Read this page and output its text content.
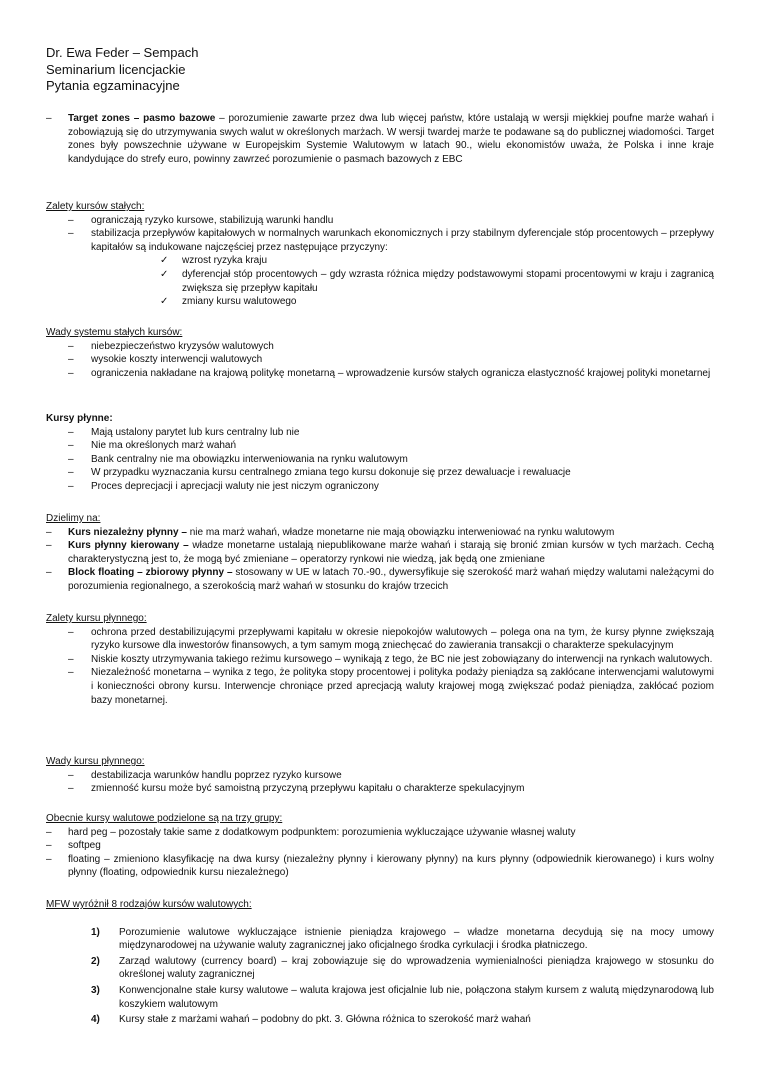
Dr. Ewa Feder – Sempach
Seminarium licencjackie
Pytania egzaminacyjne
– Target zones – pasmo bazowe – porozumienie zawarte przez dwa lub więcej państw, które ustalają w wersji miękkiej poufne marże wahań i zobowiązują się do utrzymywania swych walut w określonych marżach. W wersji twardej marże te podawane są do publicznej wiadomości. Target zones były powszechnie używane w Europejskim Systemie Walutowym w latach 90., wielu ekonomistów uważa, że Polska i inne kraje kandydujące do strefy euro, powinny zawrzeć porozumienie o pasmach bazowych z EBC
Zalety kursów stałych:
– ograniczają ryzyko kursowe, stabilizują warunki handlu
– stabilizacja przepływów kapitałowych w normalnych warunkach ekonomicznych i przy stabilnym dyferencjale stóp procentowych – przepływy kapitałów są indukowane najczęściej przez następujące przyczyny:
✓ wzrost ryzyka kraju
✓ dyferencjał stóp procentowych – gdy wzrasta różnica między podstawowymi stopami procentowymi w kraju i zagranicą zwiększa się przepływ kapitału
✓ zmiany kursu walutowego
Wady systemu stałych kursów:
– niebezpieczeństwo kryzysów walutowych
– wysokie koszty interwencji walutowych
– ograniczenia nakładane na krajową politykę monetarną – wprowadzenie kursów stałych ogranicza elastyczność krajowej polityki monetarnej
Kursy płynne:
– Mają ustalony parytet lub kurs centralny lub nie
– Nie ma określonych marż wahań
– Bank centralny nie ma obowiązku interweniowania na rynku walutowym
– W przypadku wyznaczania kursu centralnego zmiana tego kursu dokonuje się przez dewaluacje i rewaluacje
– Proces deprecjacji i aprecjacji waluty nie jest niczym ograniczony
Dzielimy na:
– Kurs niezależny płynny – nie ma marż wahań, władze monetarne nie mają obowiązku interweniować na rynku walutowym
– Kurs płynny kierowany – władze monetarne ustalają niepublikowane marże wahań i starają się bronić zmian kursów w tych marżach. Cechą charakterystyczną jest to, że mogą być zmieniane – operatorzy rynkowi nie wiedzą, jak będą one zmieniane
– Block floating – zbiorowy płynny – stosowany w UE w latach 70.-90., dywersyfikuje się szerokość marż wahań między walutami należącymi do porozumienia regionalnego, a szerokością marż wahań w stosunku do krajów trzecich
Zalety kursu płynnego:
– ochrona przed destabilizującymi przepływami kapitału w okresie niepokojów walutowych – polega ona na tym, że kursy płynne zwiększają ryzyko kursowe dla inwestorów finansowych, a tym samym mogą zniechęcać do zawierania transakcji o charakterze spekulacyjnym
– Niskie koszty utrzymywania takiego reżimu kursowego – wynikają z tego, że BC nie jest zobowiązany do interwencji na rynkach walutowych.
– Niezależność monetarna – wynika z tego, że polityka stopy procentowej i polityka podaży pieniądza są zakłócane interwencjami walutowymi i konieczności obrony kursu. Interwencje chroniące przed aprecjacją waluty krajowej mogą zwiększać podaż pieniądza, zakłócać poziom bazy monetarnej.
Wady kursu płynnego:
– destabilizacja warunków handlu poprzez ryzyko kursowe
– zmienność kursu może być samoistną przyczyną przepływu kapitału o charakterze spekulacyjnym
Obecnie kursy walutowe podzielone są na trzy grupy:
– hard peg – pozostały takie same z dodatkowym podpunktem: porozumienia wykluczające używanie własnej waluty
– softpeg
– floating – zmieniono klasyfikację na dwa kursy (niezależny płynny i kierowany płynny) na kurs płynny (odpowiednik kierowanego) i kurs wolny płynny (floating, odpowiednik kursu niezależnego)
MFW wyróżnił 8 rodzajów kursów walutowych:
1) Porozumienie walutowe wykluczające istnienie pieniądza krajowego – władze monetarna decydują się na mocy umowy międzynarodowej na używanie waluty zagranicznej jako oficjalnego środka cyrkulacji i środka płatniczego.
2) Zarząd walutowy (currency board) – kraj zobowiązuje się do wprowadzenia wymienialności pieniądza krajowego w stosunku do określonej waluty zagranicznej
3) Konwencjonalne stałe kursy walutowe – waluta krajowa jest oficjalnie lub nie, połączona stałym kursem z walutą międzynarodową lub koszykiem walutowym
4) Kursy stałe z marżami wahań – podobny do pkt. 3. Główna różnica to szerokość marż wahań
